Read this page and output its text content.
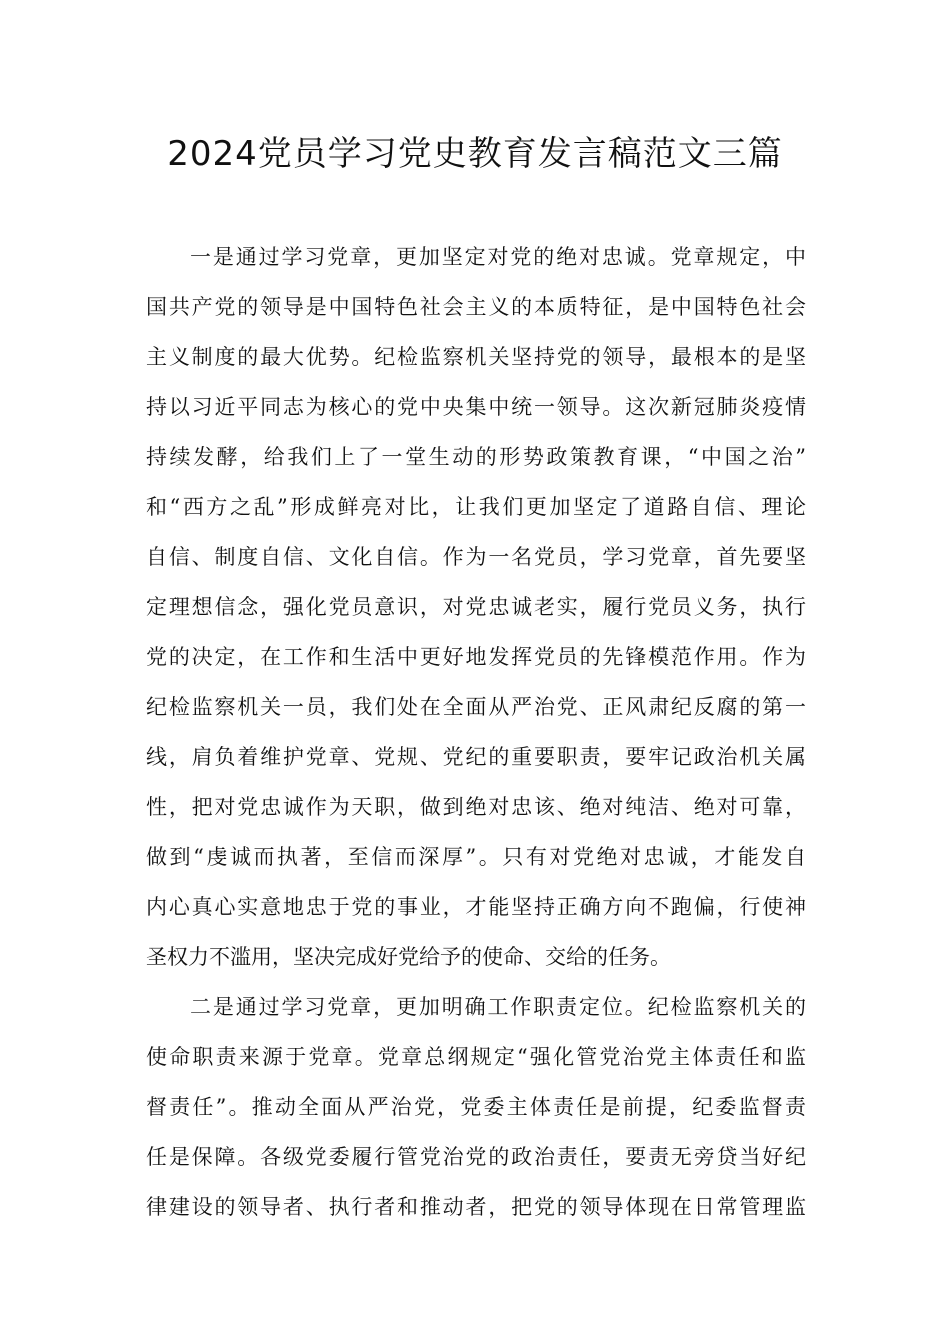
2024党员学习党史教育发言稿范文三篇
一是通过学习党章，更加坚定对党的绝对忠诚。党章规定，中
国共产党的领导是中国特色社会主义的本质特征，是中国特色社会
主义制度的最大优势。纪检监察机关坚持党的领导，最根本的是坚
持以习近平同志为核心的党中央集中统一领导。这次新冠肺炎疫情
持续发酵，给我们上了一堂生动的形势政策教育课，“中国之治”
和“西方之乱”形成鲜亮对比，让我们更加坚定了道路自信、理论
自信、制度自信、文化自信。作为一名党员，学习党章，首先要坚
定理想信念，强化党员意识，对党忠诚老实，履行党员义务，执行
党的决定，在工作和生活中更好地发挥党员的先锋模范作用。作为
纪检监察机关一员，我们处在全面从严治党、正风肃纪反腐的第一
线，肩负着维护党章、党规、党纪的重要职责，要牢记政治机关属
性，把对党忠诚作为天职，做到绝对忠该、绝对纯洁、绝对可靠，
做到“虔诚而执著，至信而深厚”。只有对党绝对忠诚，才能发自
内心真心实意地忠于党的事业，才能坚持正确方向不跑偏，行使神
圣权力不滥用，坚决完成好党给予的使命、交给的任务。
二是通过学习党章，更加明确工作职责定位。纪检监察机关的
使命职责来源于党章。党章总纲规定“强化管党治党主体责任和监
督责任”。推动全面从严治党，党委主体责任是前提，纪委监督责
任是保障。各级党委履行管党治党的政治责任，要责无旁贷当好纪
律建设的领导者、执行者和推动者，把党的领导体现在日常管理监
